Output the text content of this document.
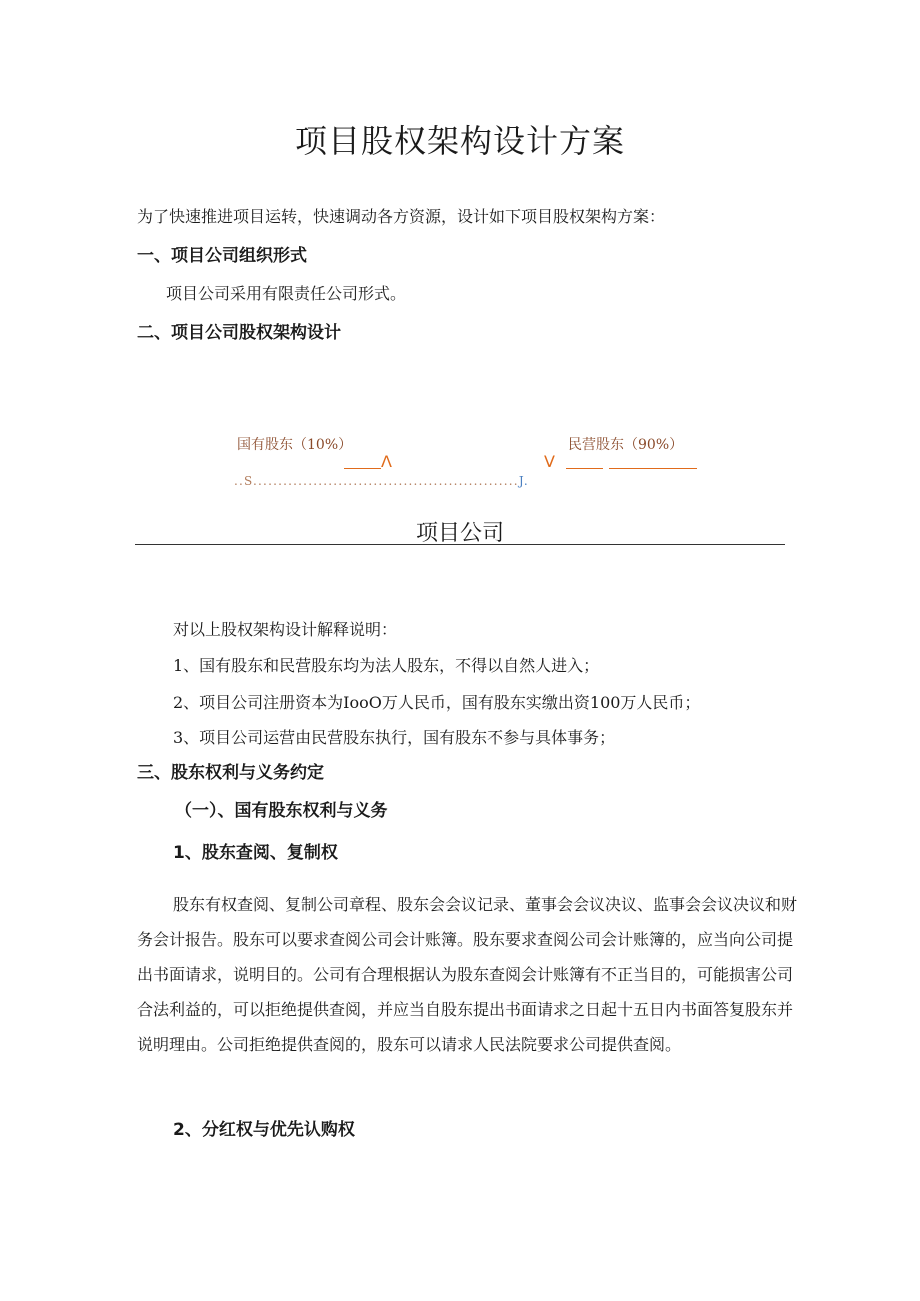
项目股权架构设计方案
为了快速推进项目运转，快速调动各方资源，设计如下项目股权架构方案：
一、项目公司组织形式
项目公司采用有限责任公司形式。
二、项目公司股权架构设计
国有股东（10%）
Λ
民营股东（90%）
V
..S.....................................................J.
项目公司
对以上股权架构设计解释说明：
1、国有股东和民营股东均为法人股东，不得以自然人进入；
2、项目公司注册资本为IooO万人民币，国有股东实缴出资100万人民币；
3、项目公司运营由民营股东执行，国有股东不参与具体事务；
三、股东权利与义务约定
（一）、国有股东权利与义务
1、股东查阅、复制权
股东有权查阅、复制公司章程、股东会会议记录、董事会会议决议、监事会会议决议和财务会计报告。股东可以要求查阅公司会计账簿。股东要求查阅公司会计账簿的，应当向公司提出书面请求，说明目的。公司有合理根据认为股东查阅会计账簿有不正当目的，可能损害公司合法利益的，可以拒绝提供查阅，并应当自股东提出书面请求之日起十五日内书面答复股东并说明理由。公司拒绝提供查阅的，股东可以请求人民法院要求公司提供查阅。
2、分红权与优先认购权
